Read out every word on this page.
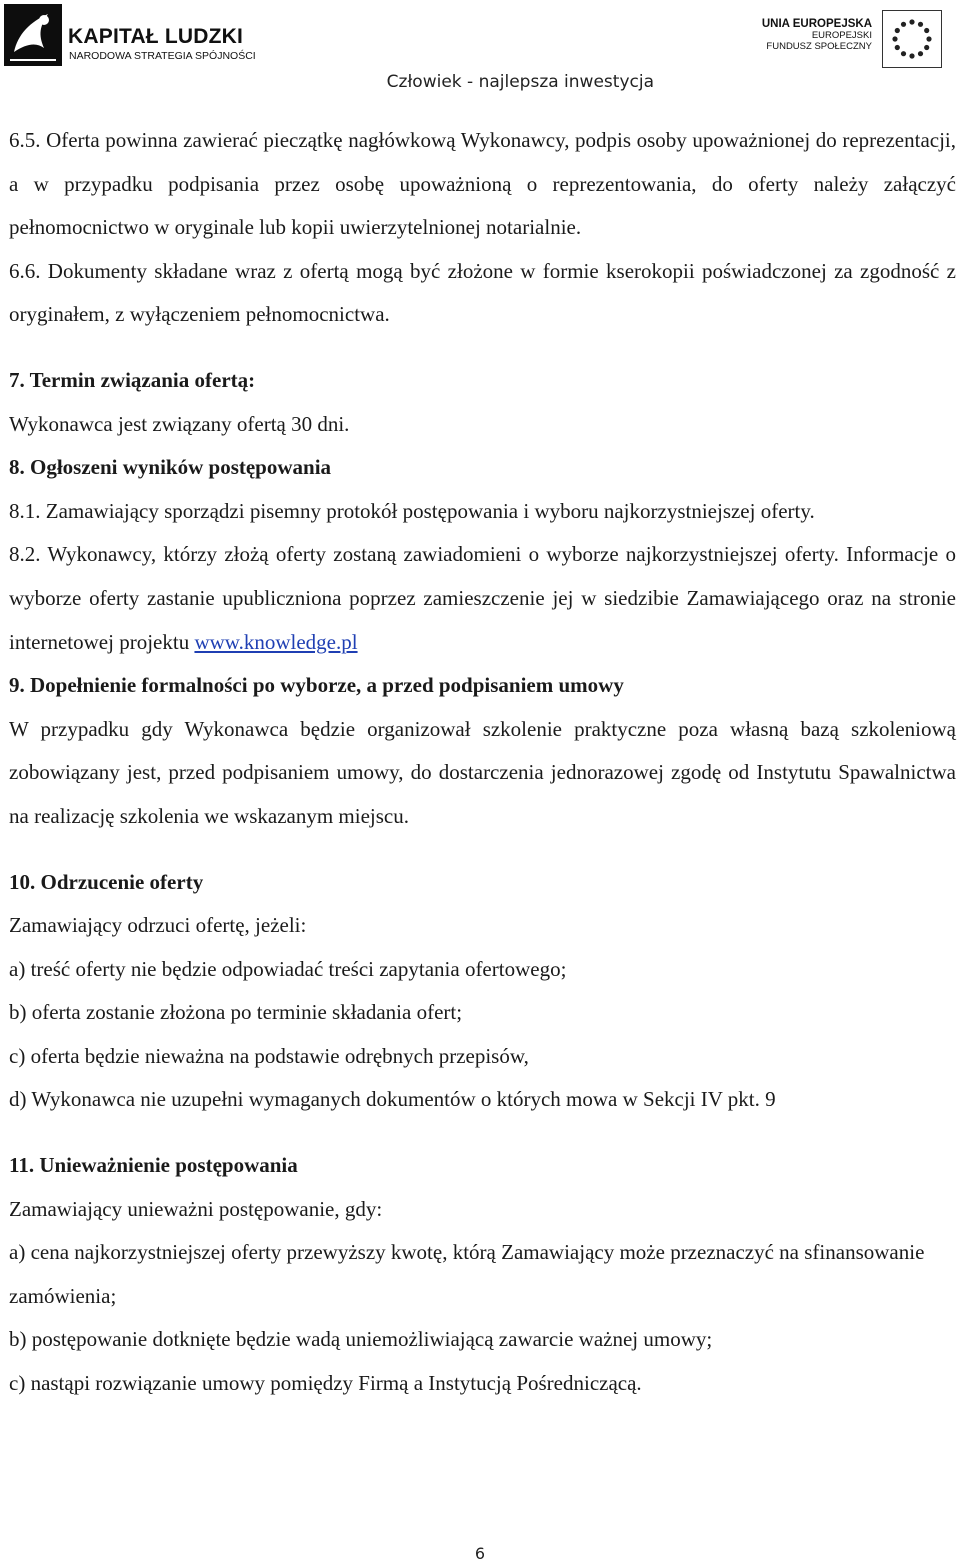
KAPITAŁ LUDZKI
NARODOWA STRATEGIA SPÓJNOŚCI
UNIA EUROPEJSKA
EUROPEJSKI
FUNDUSZ SPOŁECZNY
Człowiek - najlepsza inwestycja

6.5. Oferta powinna zawierać pieczątkę nagłówkową Wykonawcy, podpis osoby upoważnionej do reprezentacji, a w przypadku podpisania przez osobę upoważnioną o reprezentowania, do oferty należy załączyć pełnomocnictwo w oryginale lub kopii uwierzytelnionej notarialnie.

6.6. Dokumenty składane wraz z ofertą mogą być złożone w formie kserokopii poświadczonej za zgodność z oryginałem, z wyłączeniem pełnomocnictwa.

7. Termin związania ofertą:

Wykonawca jest związany ofertą 30 dni.

8. Ogłoszeni wyników postępowania

8.1. Zamawiający sporządzi pisemny protokół postępowania i wyboru najkorzystniejszej oferty.

8.2. Wykonawcy, którzy złożą oferty zostaną zawiadomieni o wyborze najkorzystniejszej oferty. Informacje o wyborze oferty zastanie upubliczniona poprzez zamieszczenie jej w siedzibie Zamawiającego oraz na stronie internetowej projektu www.knowledge.pl

9. Dopełnienie formalności po wyborze, a przed podpisaniem umowy

W przypadku gdy Wykonawca będzie organizował szkolenie praktyczne poza własną bazą szkoleniową zobowiązany jest, przed podpisaniem umowy, do dostarczenia jednorazowej zgodę od Instytutu Spawalnictwa na realizację szkolenia we wskazanym miejscu.

10. Odrzucenie oferty

Zamawiający odrzuci ofertę, jeżeli:

a) treść oferty nie będzie odpowiadać treści zapytania ofertowego;

b) oferta zostanie złożona po terminie składania ofert;

c) oferta będzie nieważna na podstawie odrębnych przepisów,

d) Wykonawca nie uzupełni wymaganych dokumentów o których mowa w Sekcji IV pkt. 9

11. Unieważnienie postępowania

Zamawiający unieważni postępowanie, gdy:

a) cena najkorzystniejszej oferty przewyższy kwotę, którą Zamawiający może przeznaczyć na sfinansowanie zamówienia;

b) postępowanie dotknięte będzie wadą uniemożliwiającą zawarcie ważnej umowy;

c) nastąpi rozwiązanie umowy pomiędzy Firmą a Instytucją Pośredniczącą.

6
